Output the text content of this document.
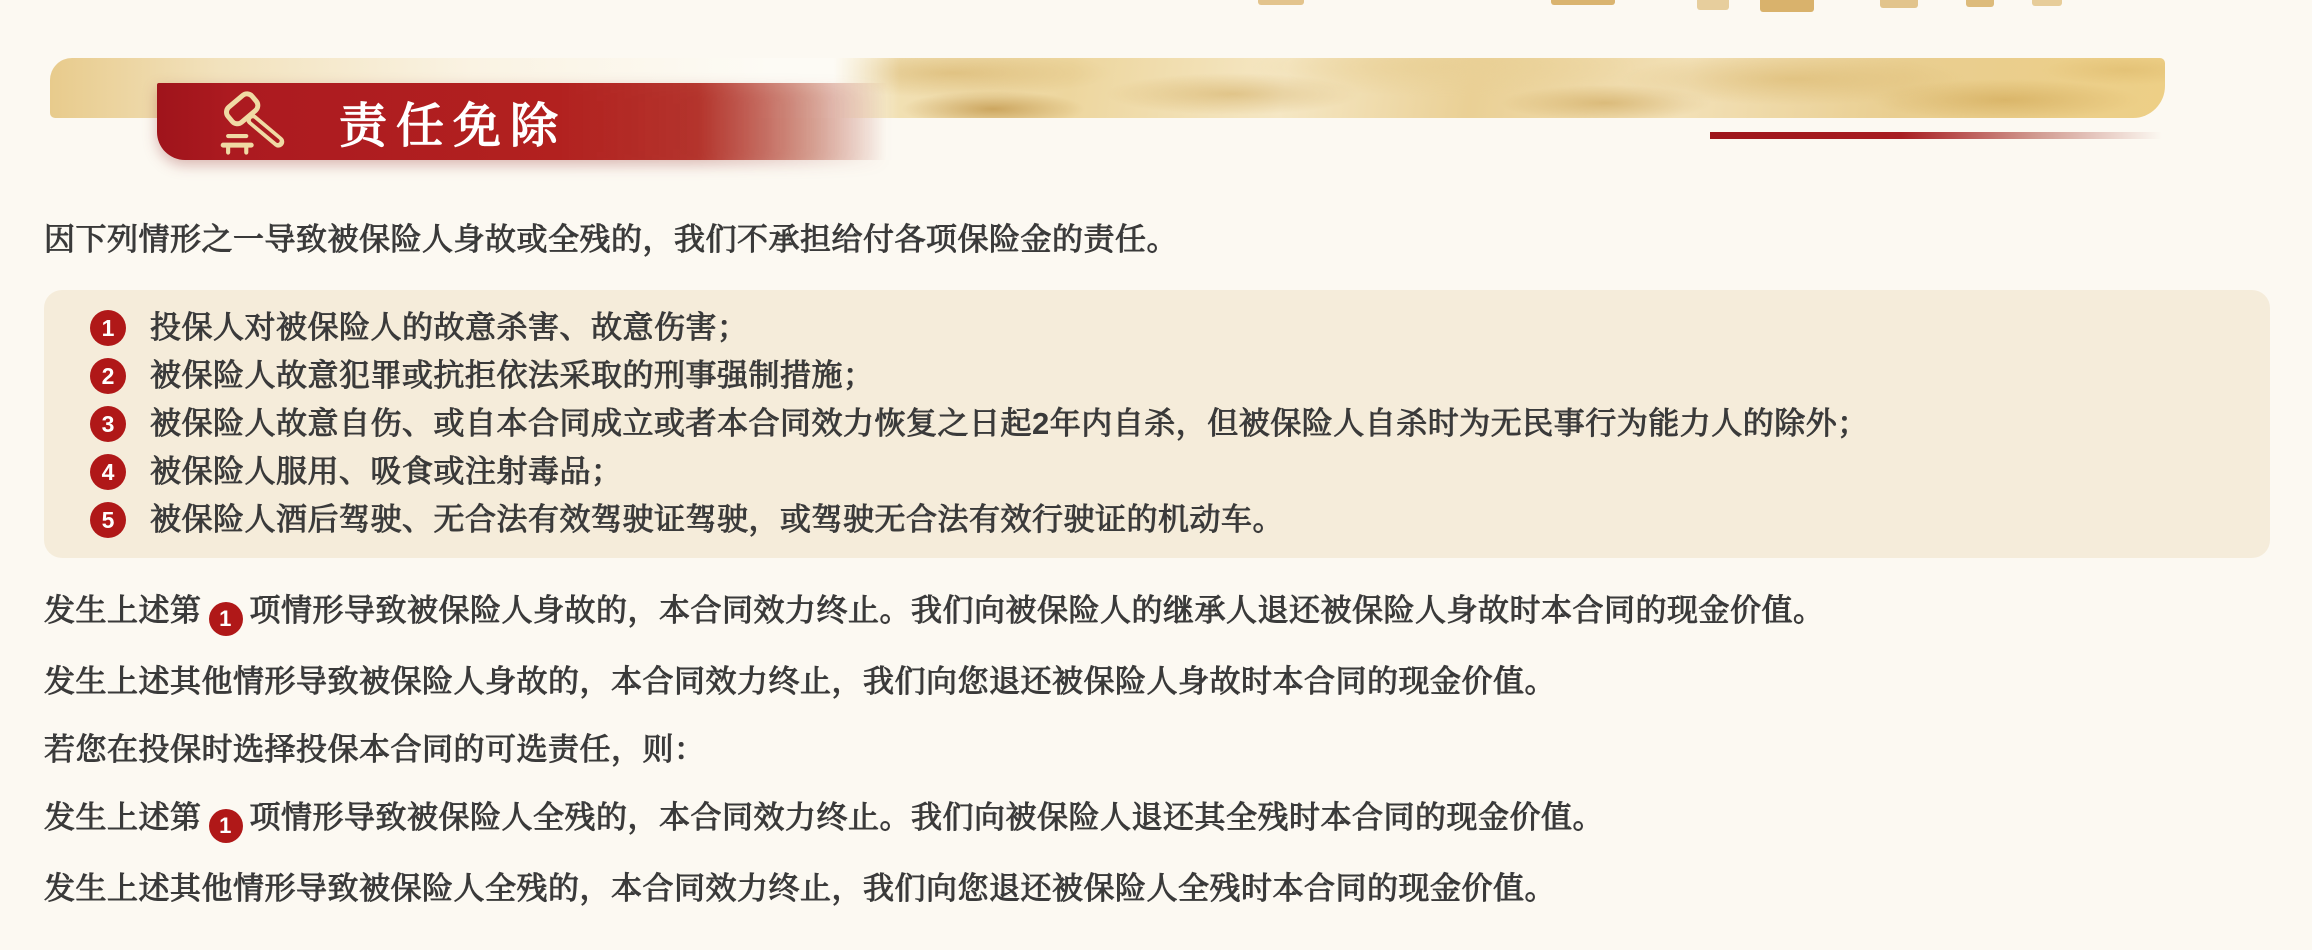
责任免除

因下列情形之一导致被保险人身故或全残的，我们不承担给付各项保险金的责任。

1	投保人对被保险人的故意杀害、故意伤害；
2	被保险人故意犯罪或抗拒依法采取的刑事强制措施；
3	被保险人故意自伤、或自本合同成立或者本合同效力恢复之日起2年内自杀，但被保险人自杀时为无民事行为能力人的除外；
4	被保险人服用、吸食或注射毒品；
5	被保险人酒后驾驶、无合法有效驾驶证驾驶，或驾驶无合法有效行驶证的机动车。

发生上述第 1 项情形导致被保险人身故的，本合同效力终止。我们向被保险人的继承人退还被保险人身故时本合同的现金价值。

发生上述其他情形导致被保险人身故的，本合同效力终止，我们向您退还被保险人身故时本合同的现金价值。

若您在投保时选择投保本合同的可选责任，则：

发生上述第 1 项情形导致被保险人全残的，本合同效力终止。我们向被保险人退还其全残时本合同的现金价值。

发生上述其他情形导致被保险人全残的，本合同效力终止，我们向您退还被保险人全残时本合同的现金价值。
